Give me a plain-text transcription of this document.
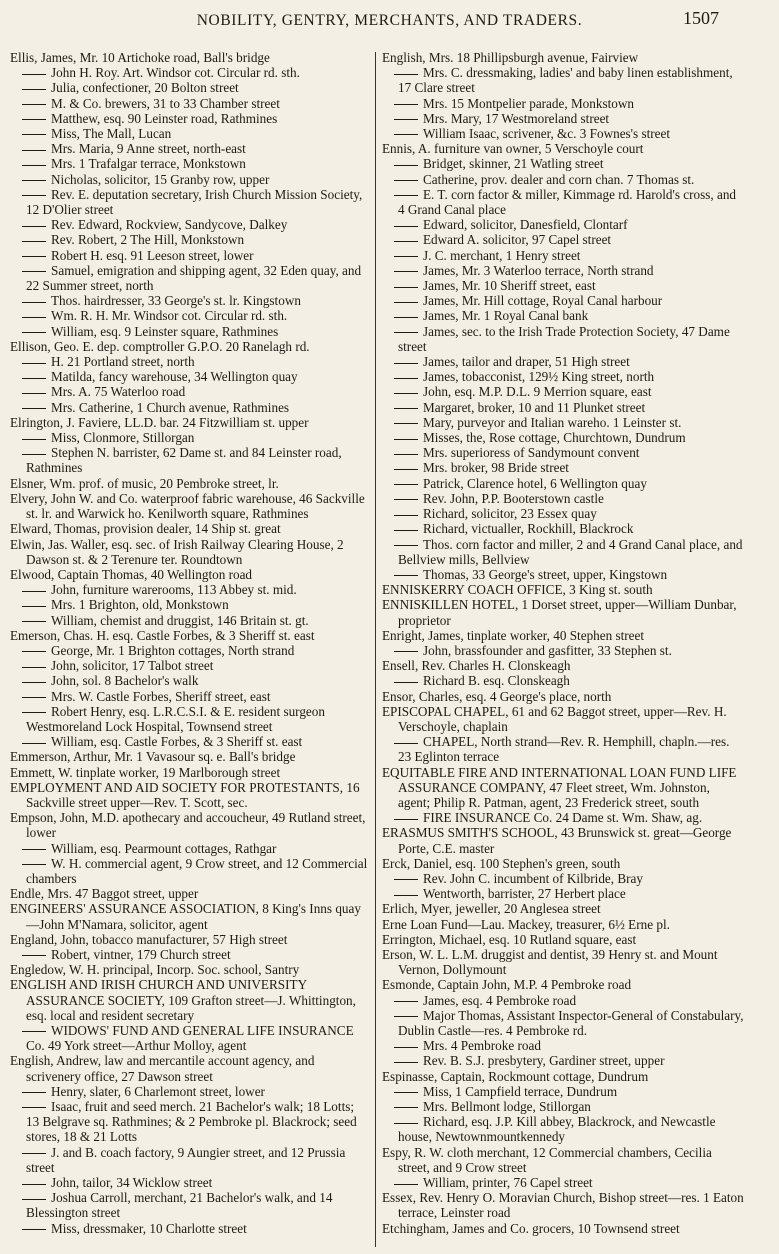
NOBILITY, GENTRY, MERCHANTS, AND TRADERS.	1507
Ellis, James, Mr. 10 Artichoke road, Ball's bridge
John H. Roy. Art. Windsor cot. Circular rd. sth.
Julia, confectioner, 20 Bolton street
M. & Co. brewers, 31 to 33 Chamber street
Matthew, esq. 90 Leinster road, Rathmines
Miss, The Mall, Lucan
Mrs. Maria, 9 Anne street, north-east
Mrs. 1 Trafalgar terrace, Monkstown
Nicholas, solicitor, 15 Granby row, upper
Rev. E. deputation secretary, Irish Church Mission Society, 12 D'Olier street
Rev. Edward, Rockview, Sandycove, Dalkey
Rev. Robert, 2 The Hill, Monkstown
Robert H. esq. 91 Leeson street, lower
Samuel, emigration and shipping agent, 32 Eden quay, and 22 Summer street, north
Thos. hairdresser, 33 George's st. lr. Kingstown
Wm. R. H. Mr. Windsor cot. Circular rd. sth.
William, esq. 9 Leinster square, Rathmines
Ellison, Geo. E. dep. comptroller G.P.O. 20 Ranelagh rd.
H. 21 Portland street, north
Matilda, fancy warehouse, 34 Wellington quay
Mrs. A. 75 Waterloo road
Mrs. Catherine, 1 Church avenue, Rathmines
Elrington, J. Faviere, LL.D. bar. 24 Fitzwilliam st. upper
Miss, Clonmore, Stillorgan
Stephen N. barrister, 62 Dame st. and 84 Leinster road, Rathmines
Elsner, Wm. prof. of music, 20 Pembroke street, lr.
Elvery, John W. and Co. waterproof fabric warehouse, 46 Sackville st. lr. and Warwick ho. Kenilworth square, Rathmines
Elward, Thomas, provision dealer, 14 Ship st. great
Elwin, Jas. Waller, esq. sec. of Irish Railway Clearing House, 2 Dawson st. & 2 Terenure ter. Roundtown
Elwood, Captain Thomas, 40 Wellington road
John, furniture warerooms, 113 Abbey st. mid.
Mrs. 1 Brighton, old, Monkstown
William, chemist and druggist, 146 Britain st. gt.
Emerson, Chas. H. esq. Castle Forbes, & 3 Sheriff st. east
George, Mr. 1 Brighton cottages, North strand
John, solicitor, 17 Talbot street
John, sol. 8 Bachelor's walk
Mrs. W. Castle Forbes, Sheriff street, east
Robert Henry, esq. L.R.C.S.I. & E. resident surgeon Westmoreland Lock Hospital, Townsend street
William, esq. Castle Forbes, & 3 Sheriff st. east
Emmerson, Arthur, Mr. 1 Vavasour sq. e. Ball's bridge
Emmett, W. tinplate worker, 19 Marlborough street
EMPLOYMENT AND AID SOCIETY FOR PROTESTANTS, 16 Sackville street upper—Rev. T. Scott, sec.
Empson, John, M.D. apothecary and accoucheur, 49 Rutland street, lower
William, esq. Pearmount cottages, Rathgar
W. H. commercial agent, 9 Crow street, and 12 Commercial chambers
Endle, Mrs. 47 Baggot street, upper
ENGINEERS' ASSURANCE ASSOCIATION, 8 King's Inns quay—John M'Namara, solicitor, agent
England, John, tobacco manufacturer, 57 High street
Robert, vintner, 179 Church street
Engledow, W. H. principal, Incorp. Soc. school, Santry
ENGLISH AND IRISH CHURCH AND UNIVERSITY ASSURANCE SOCIETY, 109 Grafton street—J. Whittington, esq. local and resident secretary
WIDOWS' FUND AND GENERAL LIFE INSURANCE Co. 49 York street—Arthur Molloy, agent
English, Andrew, law and mercantile account agency, and scrivenery office, 27 Dawson street
Henry, slater, 6 Charlemont street, lower
Isaac, fruit and seed merch. 21 Bachelor's walk; 18 Lotts; 13 Belgrave sq. Rathmines; & 2 Pembroke pl. Blackrock; seed stores, 18 & 21 Lotts
J. and B. coach factory, 9 Aungier street, and 12 Prussia street
John, tailor, 34 Wicklow street
Joshua Carroll, merchant, 21 Bachelor's walk, and 14 Blessington street
Miss, dressmaker, 10 Charlotte street
English, Mrs. 18 Phillipsburgh avenue, Fairview
Mrs. C. dressmaking, ladies' and baby linen establishment, 17 Clare street
Mrs. 15 Montpelier parade, Monkstown
Mrs. Mary, 17 Westmoreland street
William Isaac, scrivener, &c. 3 Fownes's street
Ennis, A. furniture van owner, 5 Verschoyle court
Bridget, skinner, 21 Watling street
Catherine, prov. dealer and corn chan. 7 Thomas st.
E. T. corn factor & miller, Kimmage rd. Harold's cross, and 4 Grand Canal place
Edward, solicitor, Danesfield, Clontarf
Edward A. solicitor, 97 Capel street
J. C. merchant, 1 Henry street
James, Mr. 3 Waterloo terrace, North strand
James, Mr. 10 Sheriff street, east
James, Mr. Hill cottage, Royal Canal harbour
James, Mr. 1 Royal Canal bank
James, sec. to the Irish Trade Protection Society, 47 Dame street
James, tailor and draper, 51 High street
James, tobacconist, 129½ King street, north
John, esq. M.P. D.L. 9 Merrion square, east
Margaret, broker, 10 and 11 Plunket street
Mary, purveyor and Italian wareho. 1 Leinster st.
Misses, the, Rose cottage, Churchtown, Dundrum
Mrs. superioress of Sandymount convent
Mrs. broker, 98 Bride street
Patrick, Clarence hotel, 6 Wellington quay
Rev. John, P.P. Booterstown castle
Richard, solicitor, 23 Essex quay
Richard, victualler, Rockhill, Blackrock
Thos. corn factor and miller, 2 and 4 Grand Canal place, and Bellview mills, Bellview
Thomas, 33 George's street, upper, Kingstown
ENNISKERRY COACH OFFICE, 3 King st. south
ENNISKILLEN HOTEL, 1 Dorset street, upper—William Dunbar, proprietor
Enright, James, tinplate worker, 40 Stephen street
John, brassfounder and gasfitter, 33 Stephen st.
Ensell, Rev. Charles H. Clonskeagh
Richard B. esq. Clonskeagh
Ensor, Charles, esq. 4 George's place, north
EPISCOPAL CHAPEL, 61 and 62 Baggot street, upper—Rev. H. Verschoyle, chaplain
CHAPEL, North strand—Rev. R. Hemphill, chapln.—res. 23 Eglinton terrace
EQUITABLE FIRE AND INTERNATIONAL LOAN FUND LIFE ASSURANCE COMPANY, 47 Fleet street, Wm. Johnston, agent; Philip R. Patman, agent, 23 Frederick street, south
FIRE INSURANCE Co. 24 Dame st. Wm. Shaw, ag.
ERASMUS SMITH'S SCHOOL, 43 Brunswick st. great—George Porte, C.E. master
Erck, Daniel, esq. 100 Stephen's green, south
Rev. John C. incumbent of Kilbride, Bray
Wentworth, barrister, 27 Herbert place
Erlich, Myer, jeweller, 20 Anglesea street
Erne Loan Fund—Lau. Mackey, treasurer, 6½ Erne pl.
Errington, Michael, esq. 10 Rutland square, east
Erson, W. L. L.M. druggist and dentist, 39 Henry st. and Mount Vernon, Dollymount
Esmonde, Captain John, M.P. 4 Pembroke road
James, esq. 4 Pembroke road
Major Thomas, Assistant Inspector-General of Constabulary, Dublin Castle—res. 4 Pembroke rd.
Mrs. 4 Pembroke road
Rev. B. S.J. presbytery, Gardiner street, upper
Espinasse, Captain, Rockmount cottage, Dundrum
Miss, 1 Campfield terrace, Dundrum
Mrs. Bellmont lodge, Stillorgan
Richard, esq. J.P. Kill abbey, Blackrock, and Newcastle house, Newtownmountkennedy
Espy, R. W. cloth merchant, 12 Commercial chambers, Cecilia street, and 9 Crow street
William, printer, 76 Capel street
Essex, Rev. Henry O. Moravian Church, Bishop street—res. 1 Eaton terrace, Leinster road
Etchingham, James and Co. grocers, 10 Townsend street
